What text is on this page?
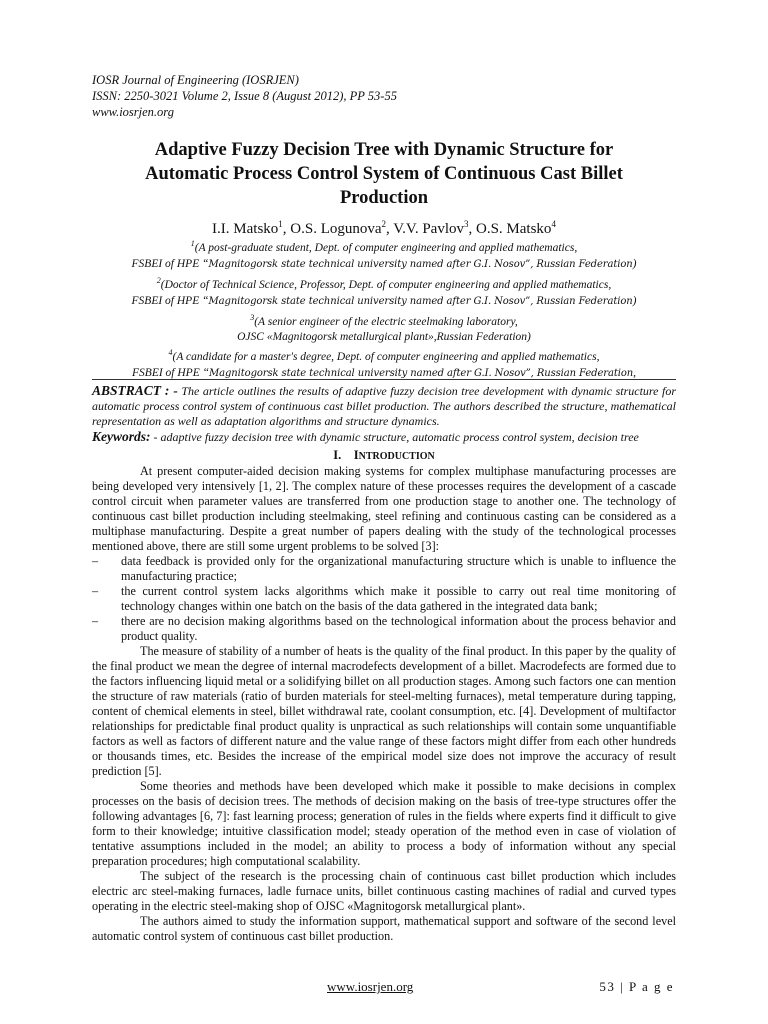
IOSR Journal of Engineering (IOSRJEN)
ISSN: 2250-3021 Volume 2, Issue 8 (August 2012), PP 53-55
www.iosrjen.org
Adaptive Fuzzy Decision Tree with Dynamic Structure for
Automatic Process Control System of Continuous Cast Billet
Production
I.I. Matsko$^1$, O.S. Logunova$^2$, V.V. Pavlov$^3$, O.S. Matsko$^4$
$^1$(A post-graduate student, Dept. of computer engineering and applied mathematics,
FSBEI of HPE “Magnitogorsk state technical university named after G.I. Nosov”, Russian Federation)
$^2$(Doctor of Technical Science, Professor, Dept. of computer engineering and applied mathematics,
FSBEI of HPE “Magnitogorsk state technical university named after G.I. Nosov”, Russian Federation)
$^3$(A senior engineer of the electric steelmaking laboratory,
OJSC «Magnitogorsk metallurgical plant»,Russian Federation)
$^4$(A candidate for a master's degree, Dept. of computer engineering and applied mathematics,
FSBEI of HPE “Magnitogorsk state technical university named after G.I. Nosov”, Russian Federation,
ABSTRACT : - The article outlines the results of adaptive fuzzy decision tree development with dynamic structure for automatic process control system of continuous cast billet production. The authors described the structure, mathematical representation as well as adaptation algorithms and structure dynamics.
Keywords: - adaptive fuzzy decision tree with dynamic structure, automatic process control system, decision tree
I. INTRODUCTION

At present computer-aided decision making systems for complex multiphase manufacturing processes are being developed very intensively [1, 2]. The complex nature of these processes requires the development of a cascade control circuit when parameter values are transferred from one production stage to another one. The technology of continuous cast billet production including steelmaking, steel refining and continuous casting can be considered as a multiphase manufacturing. Despite a great number of papers dealing with the study of the technological processes mentioned above, there are still some urgent problems to be solved [3]:

– data feedback is provided only for the organizational manufacturing structure which is unable to influence the manufacturing practice;
– the current control system lacks algorithms which make it possible to carry out real time monitoring of technology changes within one batch on the basis of the data gathered in the integrated data bank;
– there are no decision making algorithms based on the technological information about the process behavior and product quality.

The measure of stability of a number of heats is the quality of the final product. In this paper by the quality of the final product we mean the degree of internal macrodefects development of a billet. Macrodefects are formed due to the factors influencing liquid metal or a solidifying billet on all production stages. Among such factors one can mention the structure of raw materials (ratio of burden materials for steel-melting furnaces), metal temperature during tapping, content of chemical elements in steel, billet withdrawal rate, coolant consumption, etc. [4]. Development of multifactor relationships for predictable final product quality is unpractical as such relationships will contain some unquantifiable factors as well as factors of different nature and the value range of these factors might differ from each other hundreds or thousands times, etc. Besides the increase of the empirical model size does not improve the accuracy of result prediction [5].

Some theories and methods have been developed which make it possible to make decisions in complex processes on the basis of decision trees. The methods of decision making on the basis of tree-type structures offer the following advantages [6, 7]: fast learning process; generation of rules in the fields where experts find it difficult to give form to their knowledge; intuitive classification model; steady operation of the method even in case of violation of tentative assumptions included in the model; an ability to process a body of information without any special preparation procedures; high computational scalability.

The subject of the research is the processing chain of continuous cast billet production which includes electric arc steel-making furnaces, ladle furnace units, billet continuous casting machines of radial and curved types operating in the electric steel-making shop of OJSC «Magnitogorsk metallurgical plant».

The authors aimed to study the information support, mathematical support and software of the second level automatic control system of continuous cast billet production.

www.iosrjen.org	53 | P a g e
